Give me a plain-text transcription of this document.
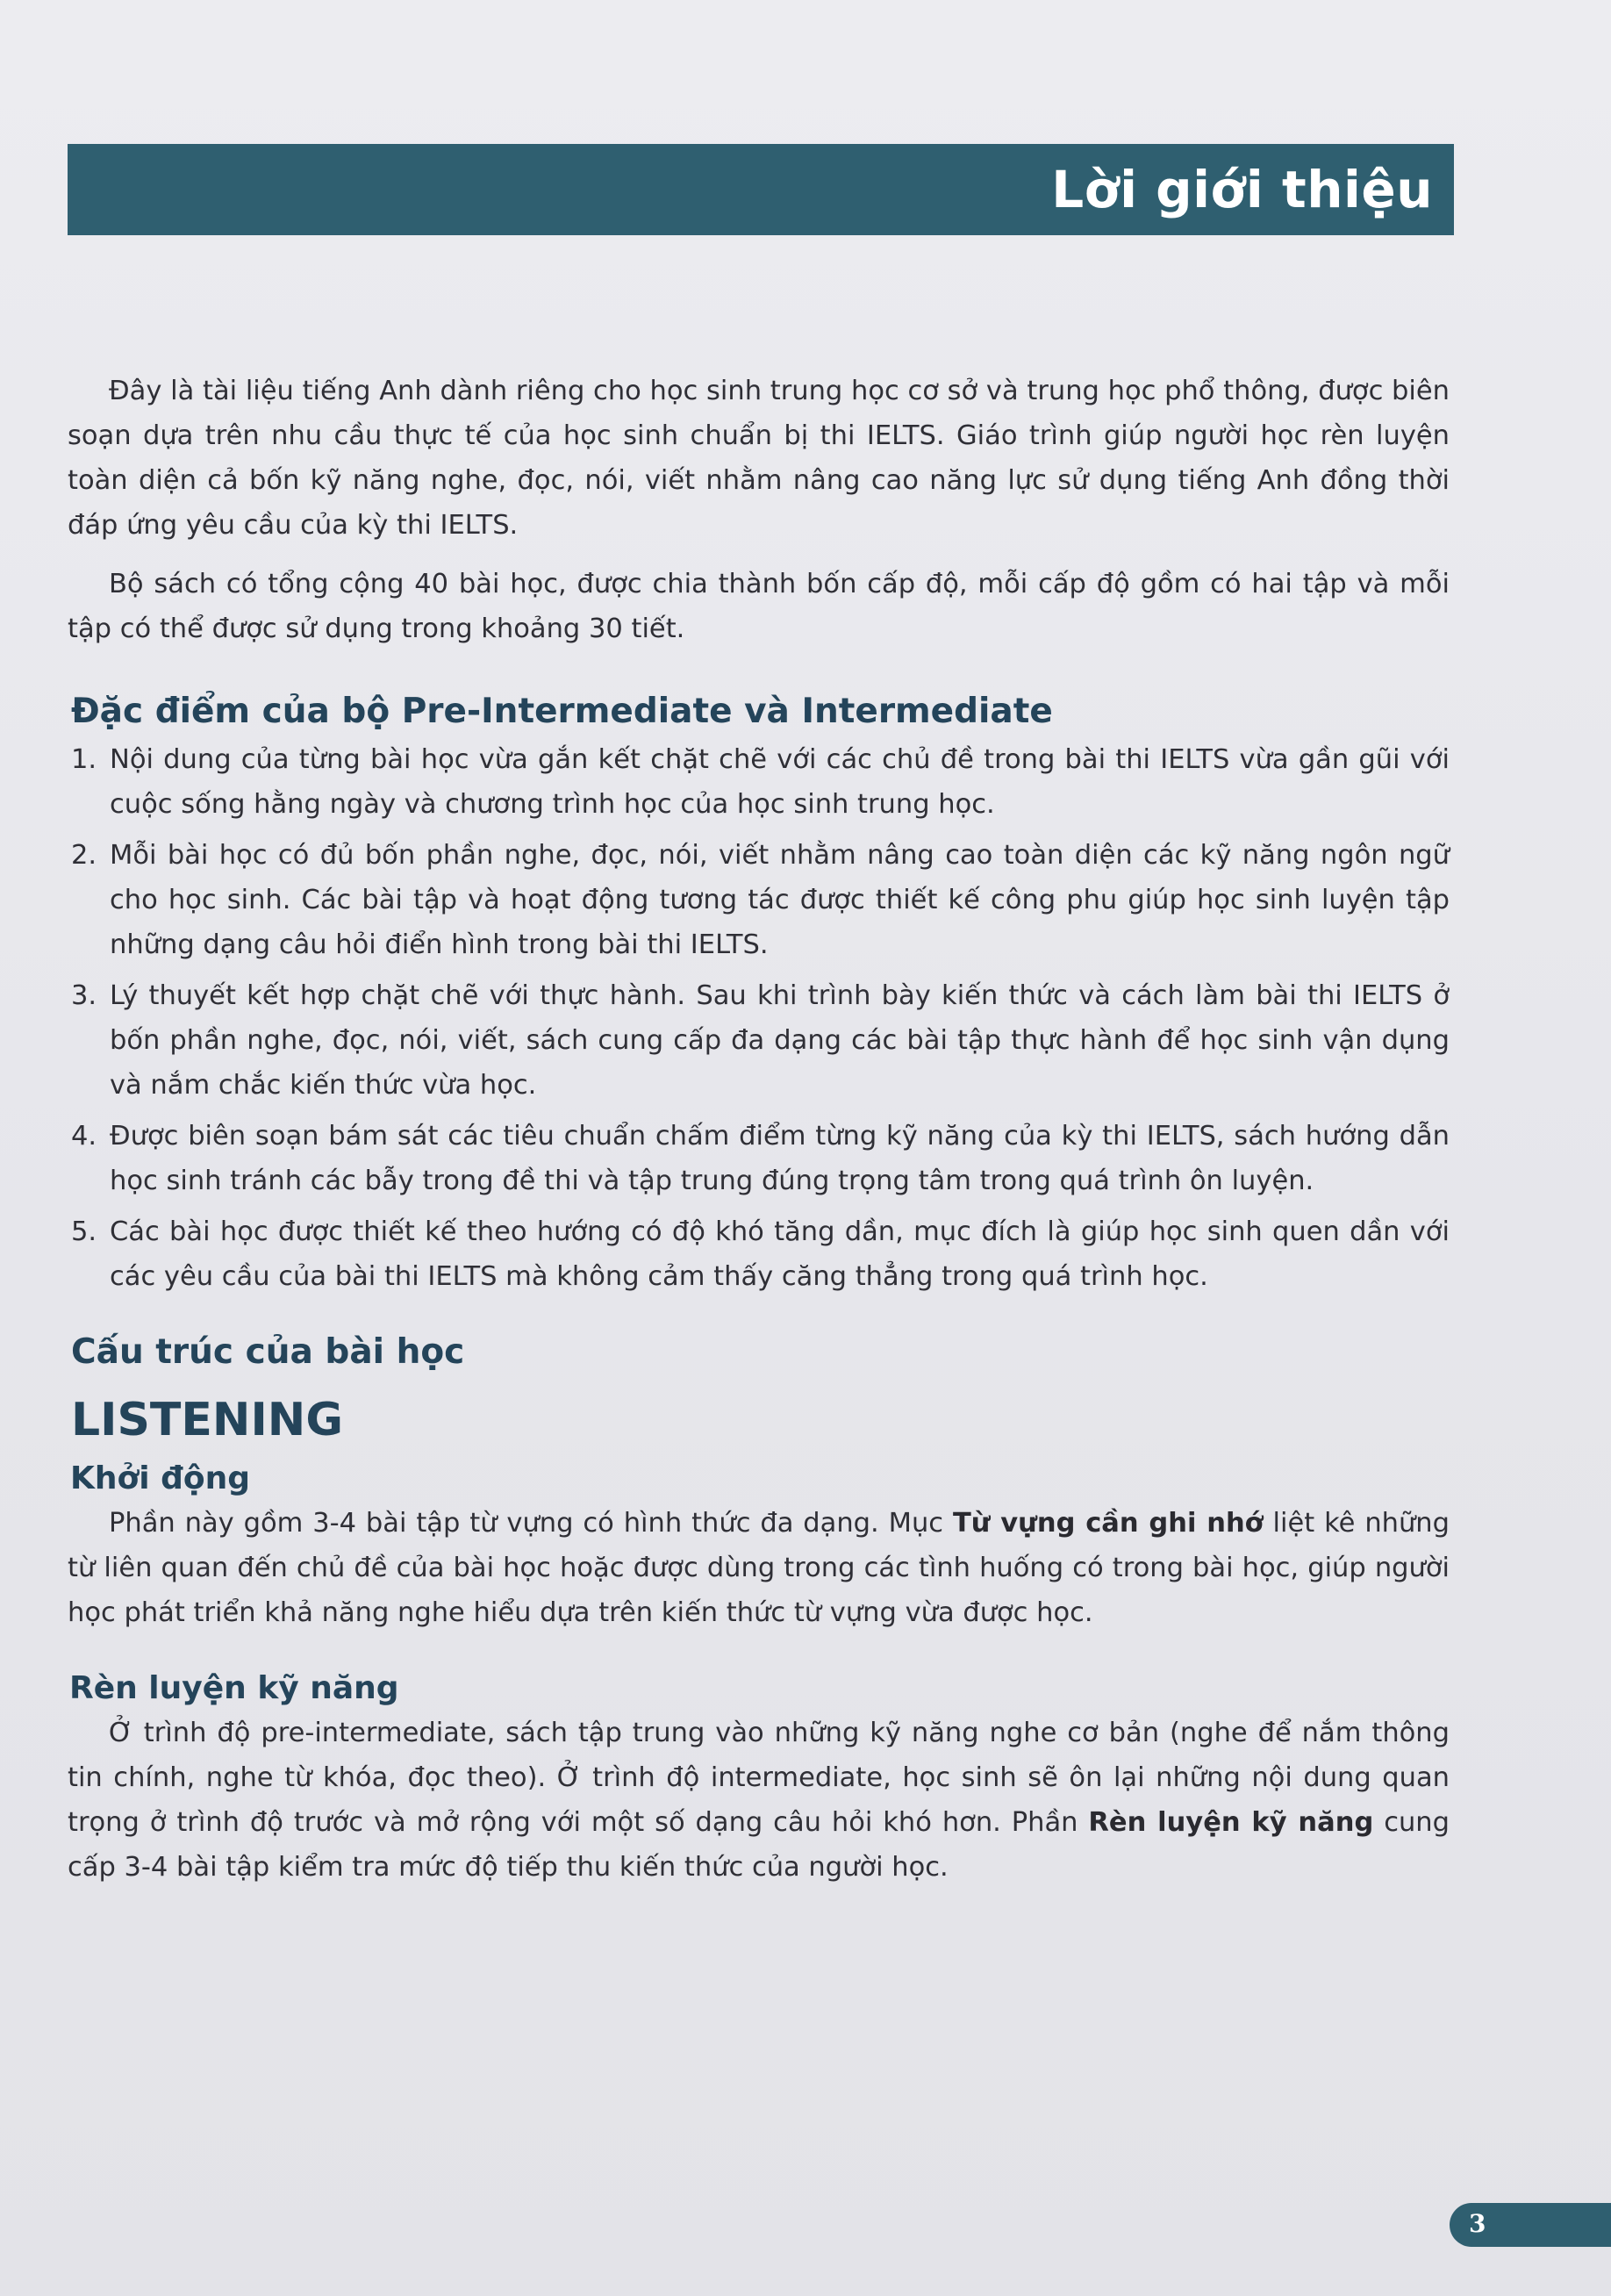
Lời giới thiệu

Đây là tài liệu tiếng Anh dành riêng cho học sinh trung học cơ sở và trung học phổ thông, được biên soạn dựa trên nhu cầu thực tế của học sinh chuẩn bị thi IELTS. Giáo trình giúp người học rèn luyện toàn diện cả bốn kỹ năng nghe, đọc, nói, viết nhằm nâng cao năng lực sử dụng tiếng Anh đồng thời đáp ứng yêu cầu của kỳ thi IELTS.

Bộ sách có tổng cộng 40 bài học, được chia thành bốn cấp độ, mỗi cấp độ gồm có hai tập và mỗi tập có thể được sử dụng trong khoảng 30 tiết.

Đặc điểm của bộ Pre-Intermediate và Intermediate
1. Nội dung của từng bài học vừa gắn kết chặt chẽ với các chủ đề trong bài thi IELTS vừa gần gũi với cuộc sống hằng ngày và chương trình học của học sinh trung học.
2. Mỗi bài học có đủ bốn phần nghe, đọc, nói, viết nhằm nâng cao toàn diện các kỹ năng ngôn ngữ cho học sinh. Các bài tập và hoạt động tương tác được thiết kế công phu giúp học sinh luyện tập những dạng câu hỏi điển hình trong bài thi IELTS.
3. Lý thuyết kết hợp chặt chẽ với thực hành. Sau khi trình bày kiến thức và cách làm bài thi IELTS ở bốn phần nghe, đọc, nói, viết, sách cung cấp đa dạng các bài tập thực hành để học sinh vận dụng và nắm chắc kiến thức vừa học.
4. Được biên soạn bám sát các tiêu chuẩn chấm điểm từng kỹ năng của kỳ thi IELTS, sách hướng dẫn học sinh tránh các bẫy trong đề thi và tập trung đúng trọng tâm trong quá trình ôn luyện.
5. Các bài học được thiết kế theo hướng có độ khó tăng dần, mục đích là giúp học sinh quen dần với các yêu cầu của bài thi IELTS mà không cảm thấy căng thẳng trong quá trình học.
Cấu trúc của bài học
LISTENING
Khởi động

Phần này gồm 3-4 bài tập từ vựng có hình thức đa dạng. Mục Từ vựng cần ghi nhớ liệt kê những từ liên quan đến chủ đề của bài học hoặc được dùng trong các tình huống có trong bài học, giúp người học phát triển khả năng nghe hiểu dựa trên kiến thức từ vựng vừa được học.

Rèn luyện kỹ năng

Ở trình độ pre-intermediate, sách tập trung vào những kỹ năng nghe cơ bản (nghe để nắm thông tin chính, nghe từ khóa, đọc theo). Ở trình độ intermediate, học sinh sẽ ôn lại những nội dung quan trọng ở trình độ trước và mở rộng với một số dạng câu hỏi khó hơn. Phần Rèn luyện kỹ năng cung cấp 3-4 bài tập kiểm tra mức độ tiếp thu kiến thức của người học.

3
